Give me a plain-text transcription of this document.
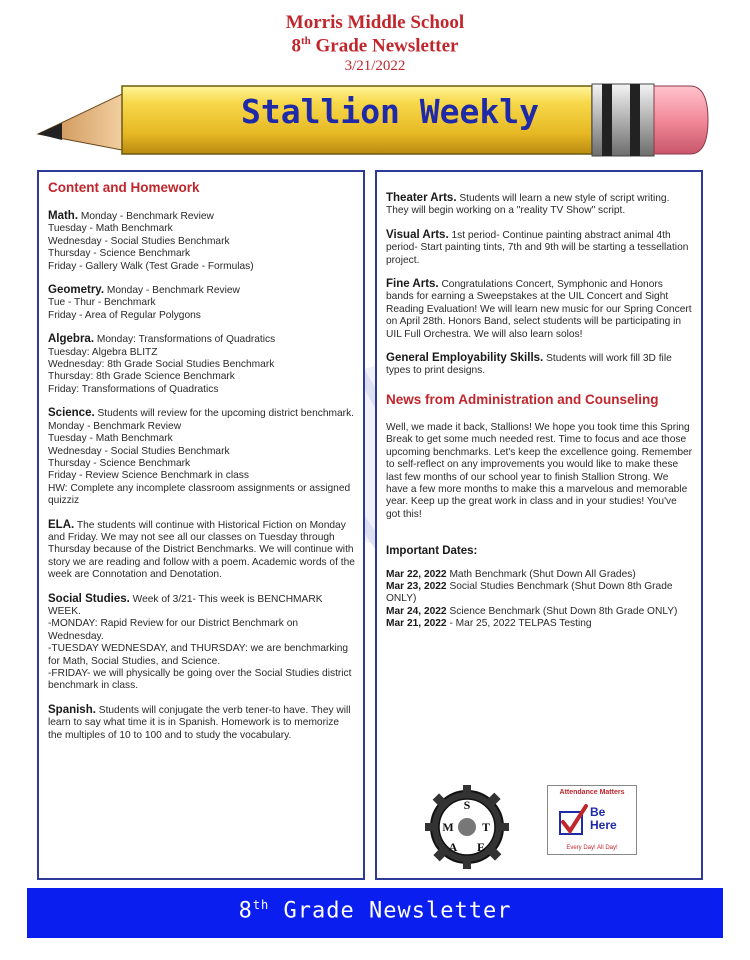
Morris Middle School
8th Grade Newsletter
3/21/2022
Stallion Weekly
Content and Homework
Math. Monday - Benchmark Review
Tuesday - Math Benchmark
Wednesday - Social Studies Benchmark
Thursday - Science Benchmark
Friday - Gallery Walk (Test Grade - Formulas)
Geometry. Monday - Benchmark Review
Tue - Thur - Benchmark
Friday - Area of Regular Polygons
Algebra. Monday: Transformations of Quadratics
Tuesday: Algebra BLITZ
Wednesday: 8th Grade Social Studies Benchmark
Thursday: 8th Grade Science Benchmark
Friday: Transformations of Quadratics
Science. Students will review for the upcoming district benchmark.
Monday - Benchmark Review
Tuesday - Math Benchmark
Wednesday - Social Studies Benchmark
Thursday - Science Benchmark
Friday - Review Science Benchmark in class
HW: Complete any incomplete classroom assignments or assigned quizziz
ELA. The students will continue with Historical Fiction on Monday and Friday. We may not see all our classes on Tuesday through Thursday because of the District Benchmarks. We will continue with story we are reading and follow with a poem. Academic words of the week are Connotation and Denotation.
Social Studies. Week of 3/21- This week is BENCHMARK WEEK.
-MONDAY: Rapid Review for our District Benchmark on Wednesday.
-TUESDAY WEDNESDAY, and THURSDAY: we are benchmarking for Math, Social Studies, and Science.
-FRIDAY- we will physically be going over the Social Studies district benchmark in class.
Spanish. Students will conjugate the verb tener-to have. They will learn to say what time it is in Spanish. Homework is to memorize the multiples of 10 to 100 and to study the vocabulary.
Theater Arts. Students will learn a new style of script writing. They will begin working on a "reality TV Show" script.
Visual Arts. 1st period- Continue painting abstract animal 4th period- Start painting tints, 7th and 9th will be starting a tessellation project.
Fine Arts. Congratulations Concert, Symphonic and Honors bands for earning a Sweepstakes at the UIL Concert and Sight Reading Evaluation! We will learn new music for our Spring Concert on April 28th. Honors Band, select students will be participating in UIL Full Orchestra. We will also learn solos!
General Employability Skills. Students will work fill 3D file types to print designs.
News from Administration and Counseling
Well, we made it back, Stallions! We hope you took time this Spring Break to get some much needed rest. Time to focus and ace those upcoming benchmarks. Let's keep the excellence going. Remember to self-reflect on any improvements you would like to make these last few months of our school year to finish Stallion Strong. We have a few more months to make this a marvelous and memorable year. Keep up the great work in class and in your studies! You've got this!
Important Dates:
Mar 22, 2022 Math Benchmark (Shut Down All Grades)
Mar 23, 2022 Social Studies Benchmark (Shut Down 8th Grade ONLY)
Mar 24, 2022 Science Benchmark (Shut Down 8th Grade ONLY)
Mar 21, 2022 - Mar 25, 2022 TELPAS Testing
S
M T
A E
Attendance Matters
Be
Here
Every Day! All Day!
8th Grade Newsletter
